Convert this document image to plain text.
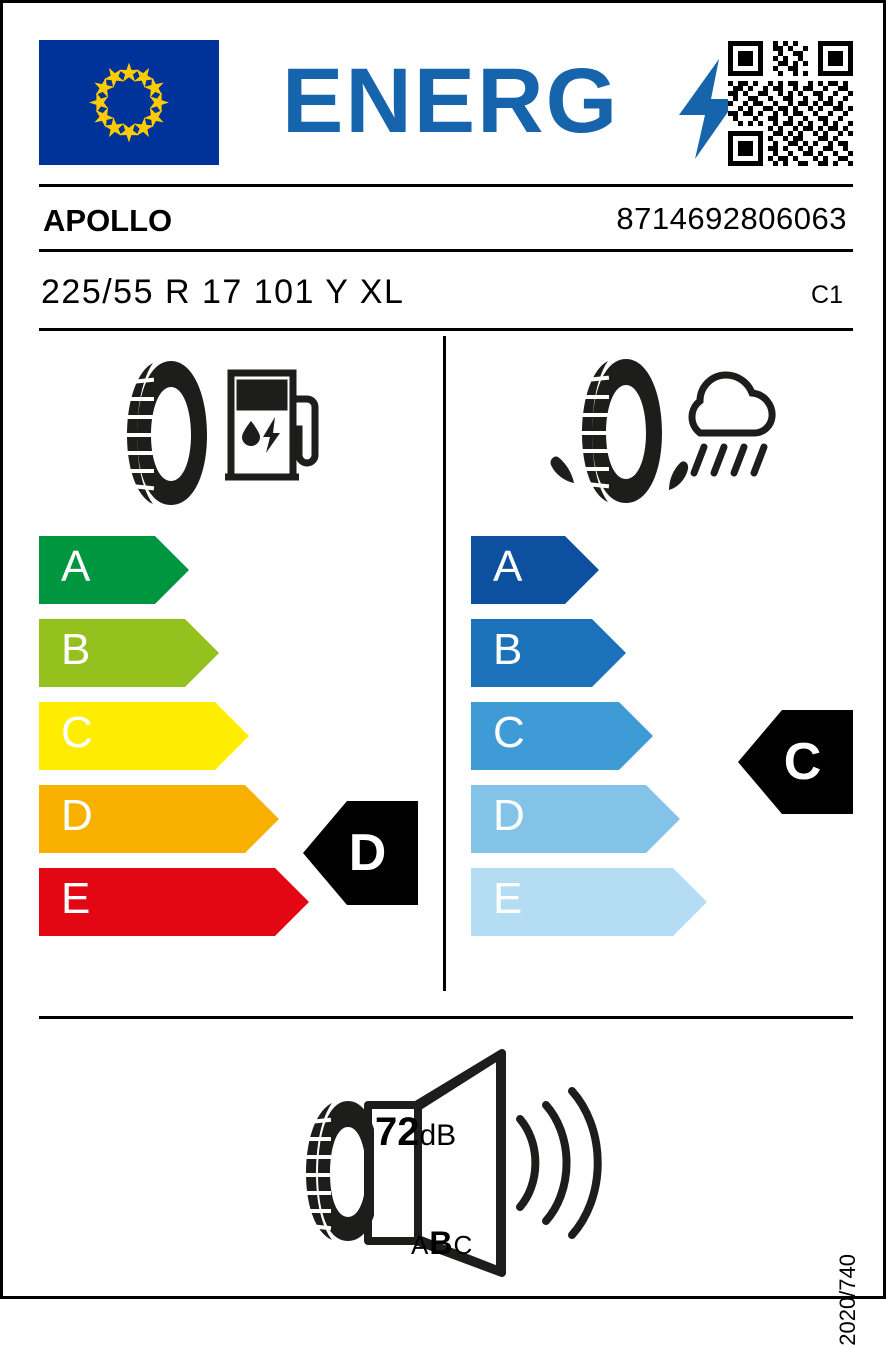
ENERG
APOLLO	8714692806063
225/55 R 17 101 Y XL	C1
A
B
C
D
E
D
A
B
C
D
E
C
72dB
ABC
2020/740
